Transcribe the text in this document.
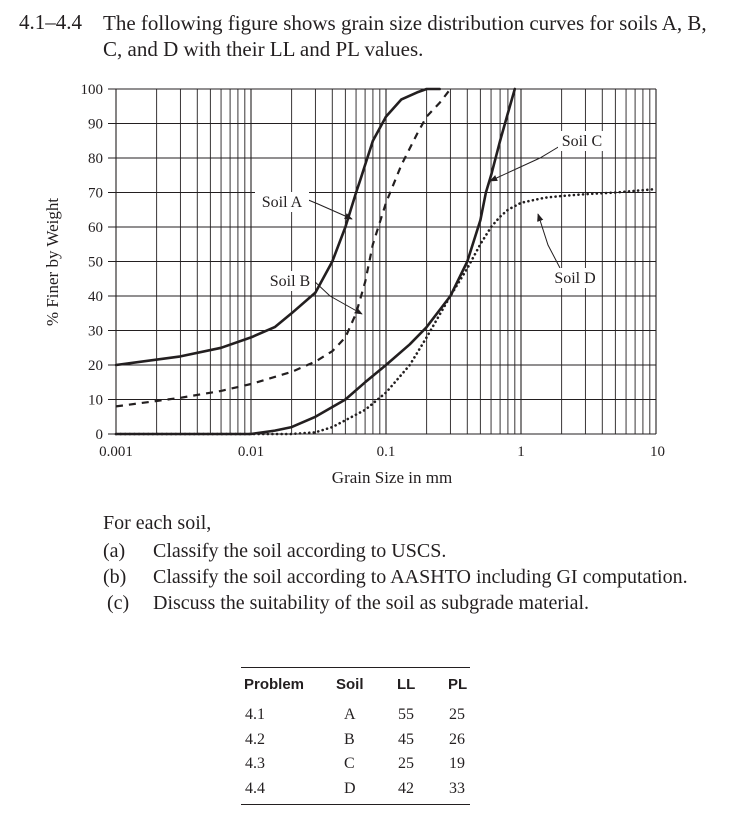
4.1–4.4 The following figure shows grain size distribution curves for soils A, B, C, and D with their LL and PL values.
0
10
20
30
40
50
60
70
80
90
100
0.001	0.01	0.1	1	10
Soil A
Soil B
Soil C
Soil D
% Finer by Weight
Grain Size in mm
For each soil,
(a)	Classify the soil according to USCS.
(b)	Classify the soil according to AASHTO including GI computation.
(c)	Discuss the suitability of the soil as subgrade material.
Problem Soil LL PL
4.1	A	55 25
4.2	B	45 26
4.3	C	25 19
4.4	D	42 33
